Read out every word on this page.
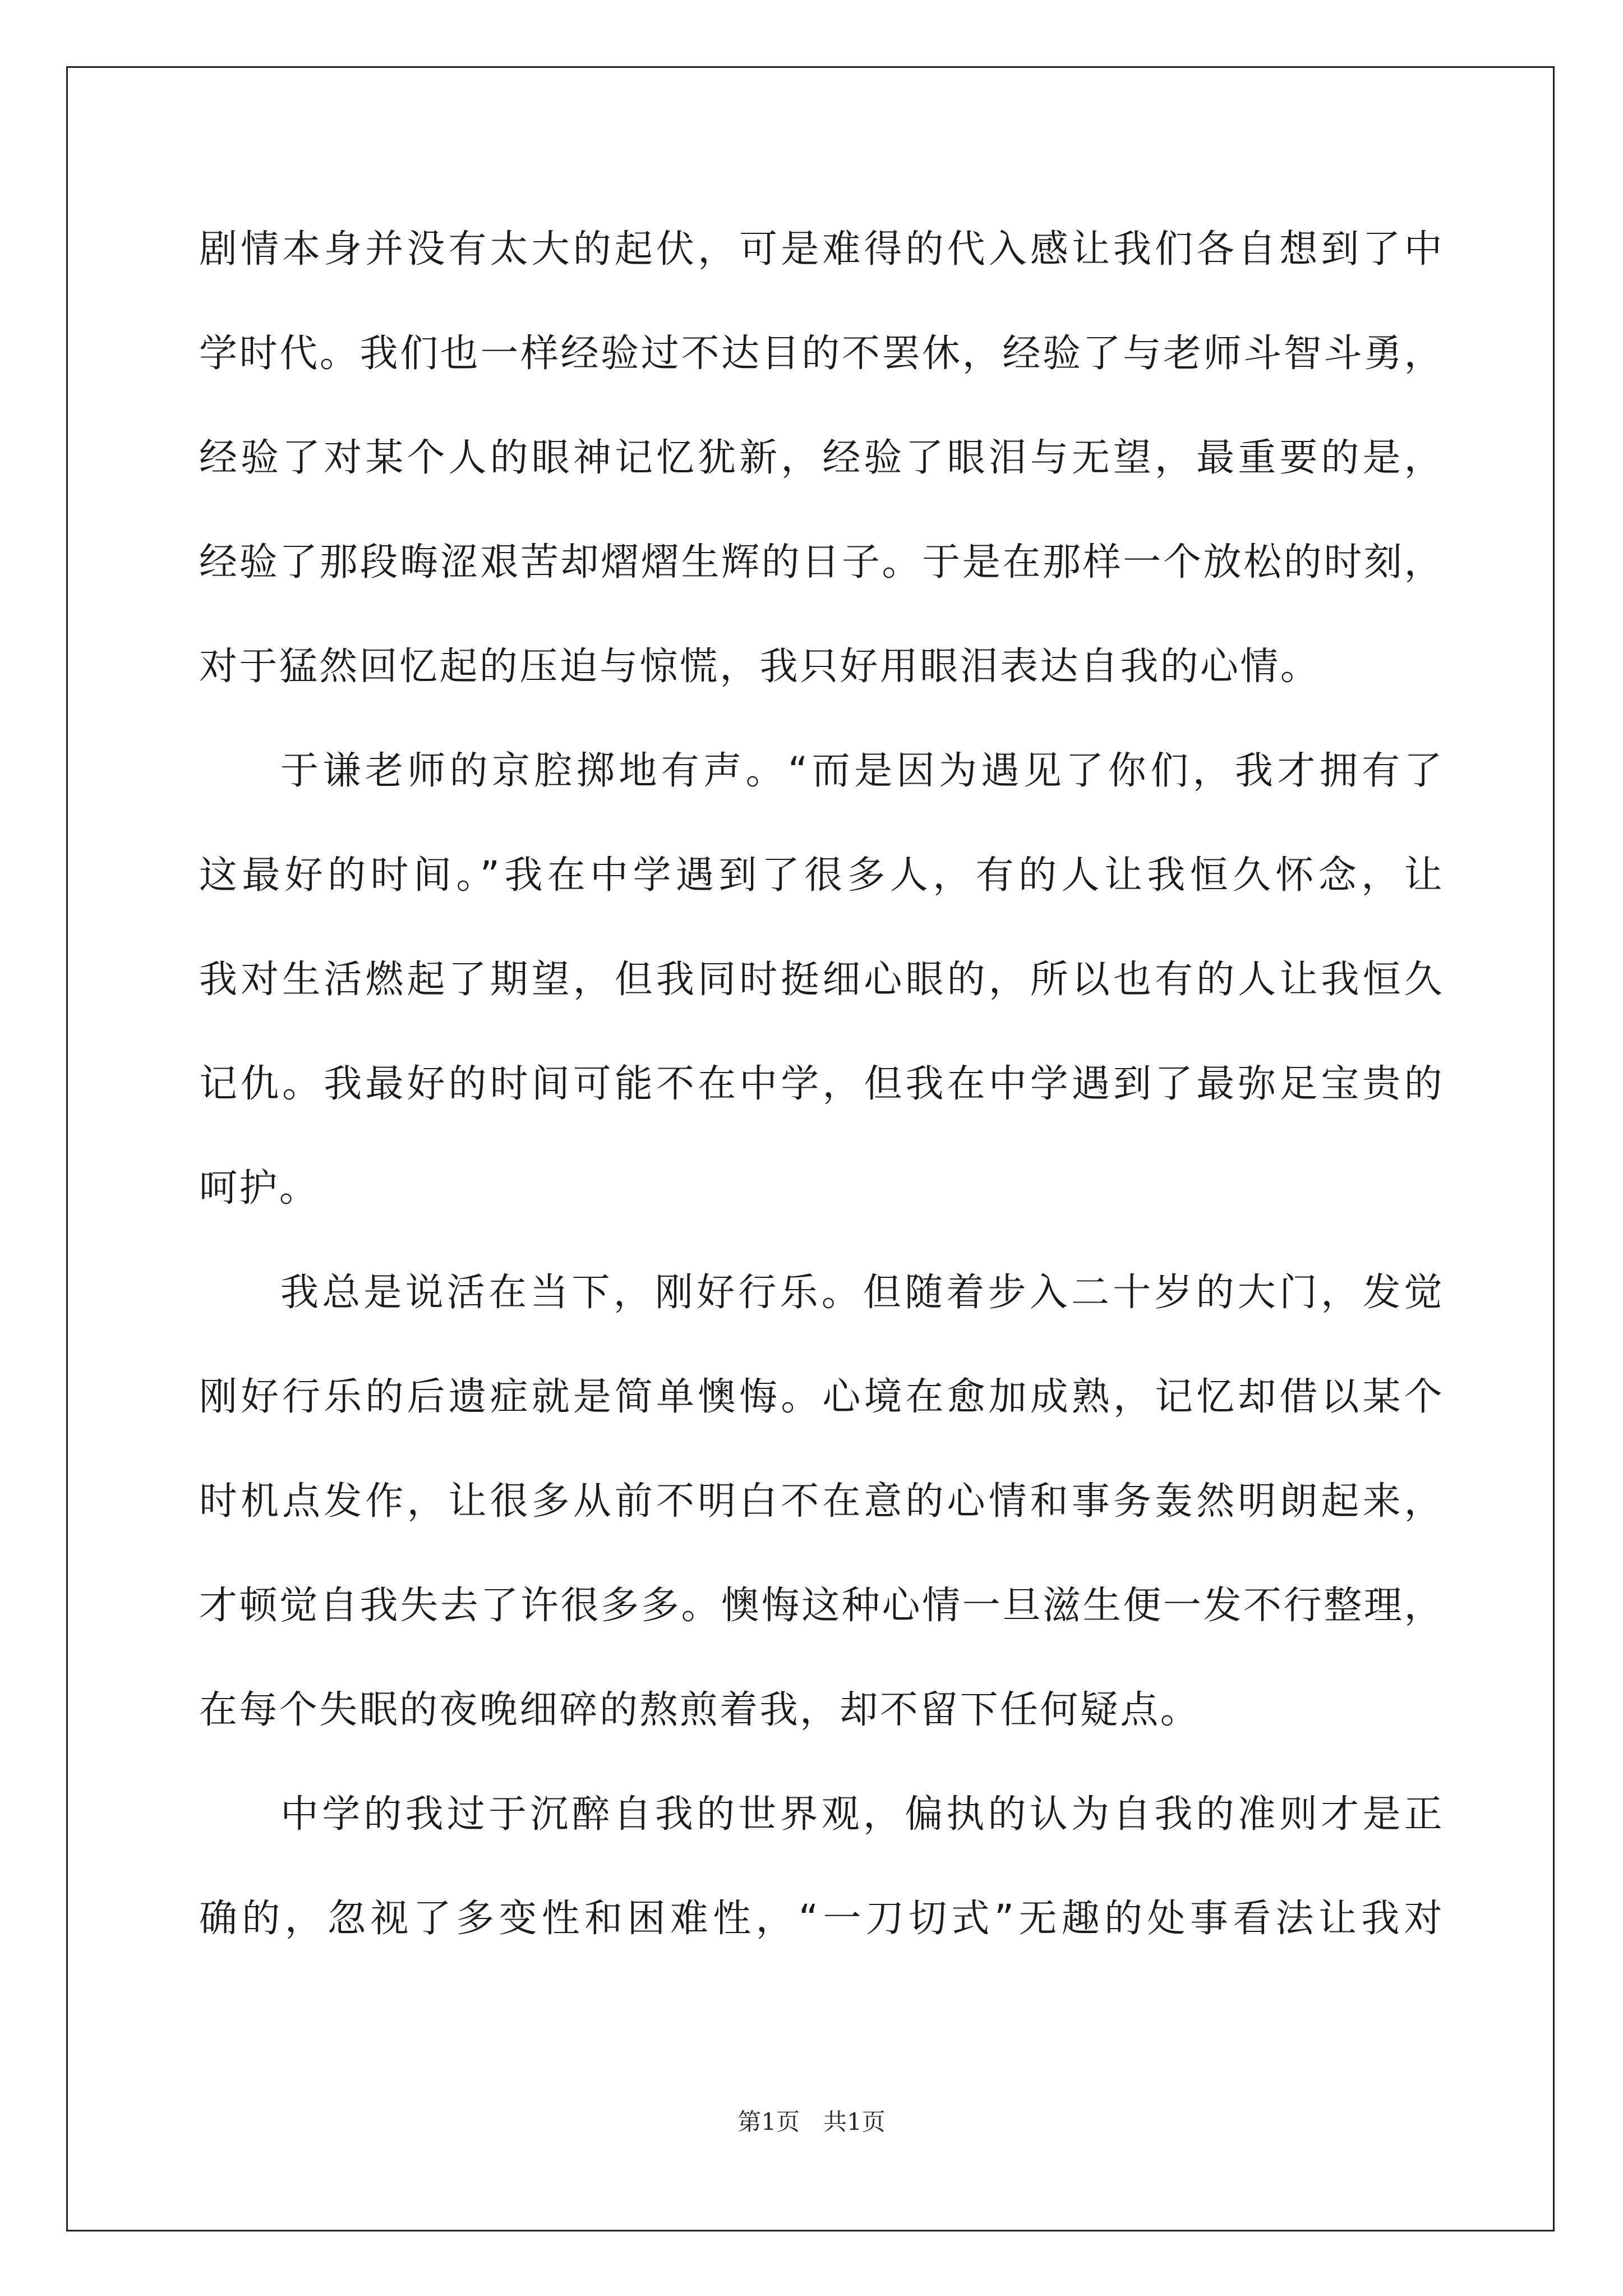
剧情本身并没有太大的起伏，可是难得的代入感让我们各自想到了中

学时代。我们也一样经验过不达目的不罢休，经验了与老师斗智斗勇，

经验了对某个人的眼神记忆犹新，经验了眼泪与无望，最重要的是，

经验了那段晦涩艰苦却熠熠生辉的日子。于是在那样一个放松的时刻，

对于猛然回忆起的压迫与惊慌，我只好用眼泪表达自我的心情。

于谦老师的京腔掷地有声。“而是因为遇见了你们，我才拥有了

这最好的时间。”我在中学遇到了很多人，有的人让我恒久怀念，让

我对生活燃起了期望，但我同时挺细心眼的，所以也有的人让我恒久

记仇。我最好的时间可能不在中学，但我在中学遇到了最弥足宝贵的

呵护。

我总是说活在当下，刚好行乐。但随着步入二十岁的大门，发觉

刚好行乐的后遗症就是简单懊悔。心境在愈加成熟，记忆却借以某个

时机点发作，让很多从前不明白不在意的心情和事务轰然明朗起来，

才顿觉自我失去了许很多多。懊悔这种心情一旦滋生便一发不行整理，

在每个失眠的夜晚细碎的熬煎着我，却不留下任何疑点。

中学的我过于沉醉自我的世界观，偏执的认为自我的准则才是正

确的，忽视了多变性和困难性，“一刀切式”无趣的处事看法让我对

第1页　共1页
